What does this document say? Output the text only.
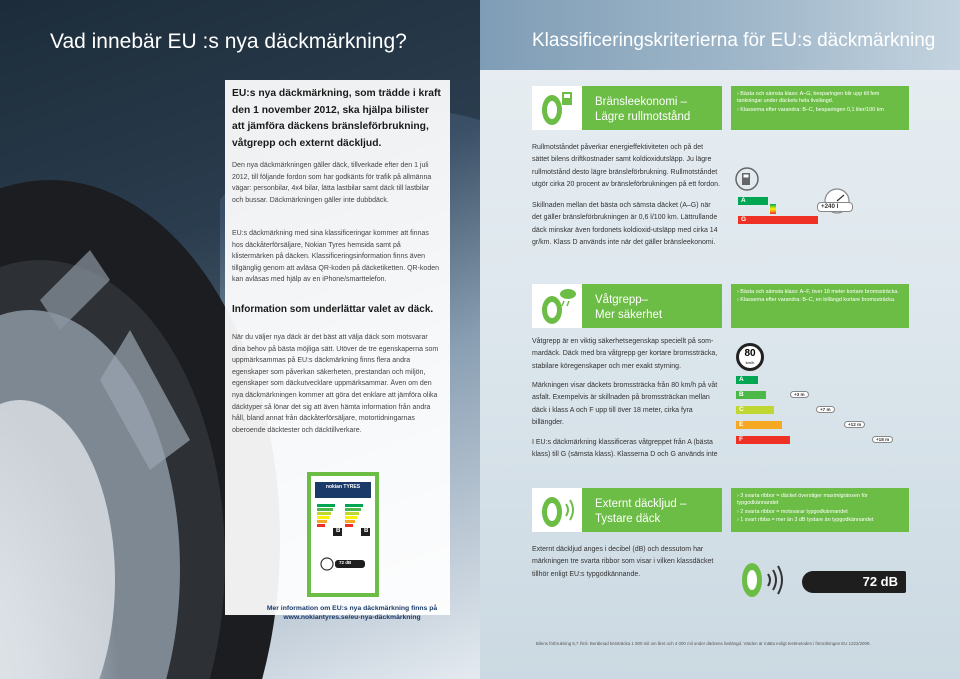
Vad innebär EU :s nya däckmärkning?
EU:s nya däckmärkning, som trädde i kraft den 1 november 2012, ska hjälpa bilister att jämföra däckens bränsleförbrukning, våtgrepp och externt däckljud.
Den nya däckmärkningen gäller däck, tillverkade efter den 1 juli 2012, till följande fordon som har godkänts för trafik på allmänna vägar: personbilar, 4x4 bilar, lätta lastbilar samt däck till lastbilar och bussar. Däckmärkningen gäller inte dubbdäck.
EU:s däckmärkning med sina klassificeringar kommer att finnas hos däckåterförsäljare, Nokian Tyres hemsida samt på klistermärken på däcken. Klassificeringsinformation finns även tillgänglig genom att avläsa QR-koden på däcketiketten. QR-koden kan avläsas med hjälp av en iPhone/smarttelefon.
Information som underlättar valet av däck.
När du väljer nya däck är det bäst att välja däck som motsvarar dina behov på bästa möjliga sätt. Utöver de tre egenskaperna som uppmärksammas på EU:s däckmärkning finns flera andra egenskaper som påverkan säkerheten, prestandan och miljön, egenskaper som däckutvecklare uppmärksammar. Även om den nya däckmärkningen kommer att göra det enklare att jämföra olika däcktyper så lönar det sig att även hämta information från andra håll, bland annat från däckåterförsäljare, motortidningarnas oberoende däcktester och däcktillverkare.
nokian TYRES
B	B
72 dB
Mer information om EU:s nya däckmärkning finns på
www.nokiantyres.se/eu-nya-däckmärkning
Klassificeringskriterierna för EU:s däckmärkning
Bränsleekonomi –
Lägre rullmotstånd
› Bästa och sämsta klass: A–G, besparingen blir upp till fem tankningar under däckets hela livslängd.
› Klasserna efter varandra: B–C, besparingen 0,1 liter/100 km
Rullmotståndet påverkar energieffektiviteten och på det sättet bilens driftkostnader samt koldioxidutsläpp. Ju lägre rullmotstånd desto lägre bränsleförbrukning. Rullmotståndet utgör cirka 20 procent av bränsleförbrukningen på ett fordon.
Skillnaden mellan det bästa och sämsta däcket (A–G) när det gäller bränsleförbrukningen är 0,6 l/100 km. Lättrullande däck minskar även fordonets koldioxid-utsläpp med cirka 14 gr/km. Klass D används inte när det gäller bränsleekonomi.
A
G
+240 l
Våtgrepp–
Mer säkerhet
› Bästa och sämsta klass: A–F, över 18 meter kortare bromssträcka.
› Klasserna efter varandra: B–C, en billängd kortare bromssträcka.
Våtgrepp är en viktig säkerhetsegenskap speciellt på sommardäck. Däck med bra våtgrepp ger kortare bromssträcka, stabilare köregenskaper och mer exakt styrning.
Märkningen visar däckets bromssträcka från 80 km/h på våt asfalt. Exempelvis är skillnaden på bromssträckan mellan däck i klass A och F upp till över 18 meter, cirka fyra billängder.
I EU:s däckmärkning klassificeras våtgreppet från A (bästa klass) till G (sämsta klass). Klasserna D och G används inte
80
km/h
Externt däckljud –
Tystare däck
› 3 svarta ribbor = däcket överstiger maximigränsen för typgodkännandet
› 2 svarta ribbor = motsvarar typgodkännandet
› 1 svart ribba = mer än 3 dB tystare än typgodkännandet
Externt däckljud anges i decibel (dB) och dessutom har märkningen tre svarta ribbor som visar i vilken klassdäcket tillhör enligt EU:s typgodkännande.	72 dB
Bilens förbrukning 6,7 l/mil. Beräknad körsträcka 1 500 mil om året och 4 000 mil under däckens livslängd. Värden är mätta enligt testmetoden i förordningen EU 1222/2009.
A
B	+3 m
C	+7 m
E	+12 m
F	+18 m
